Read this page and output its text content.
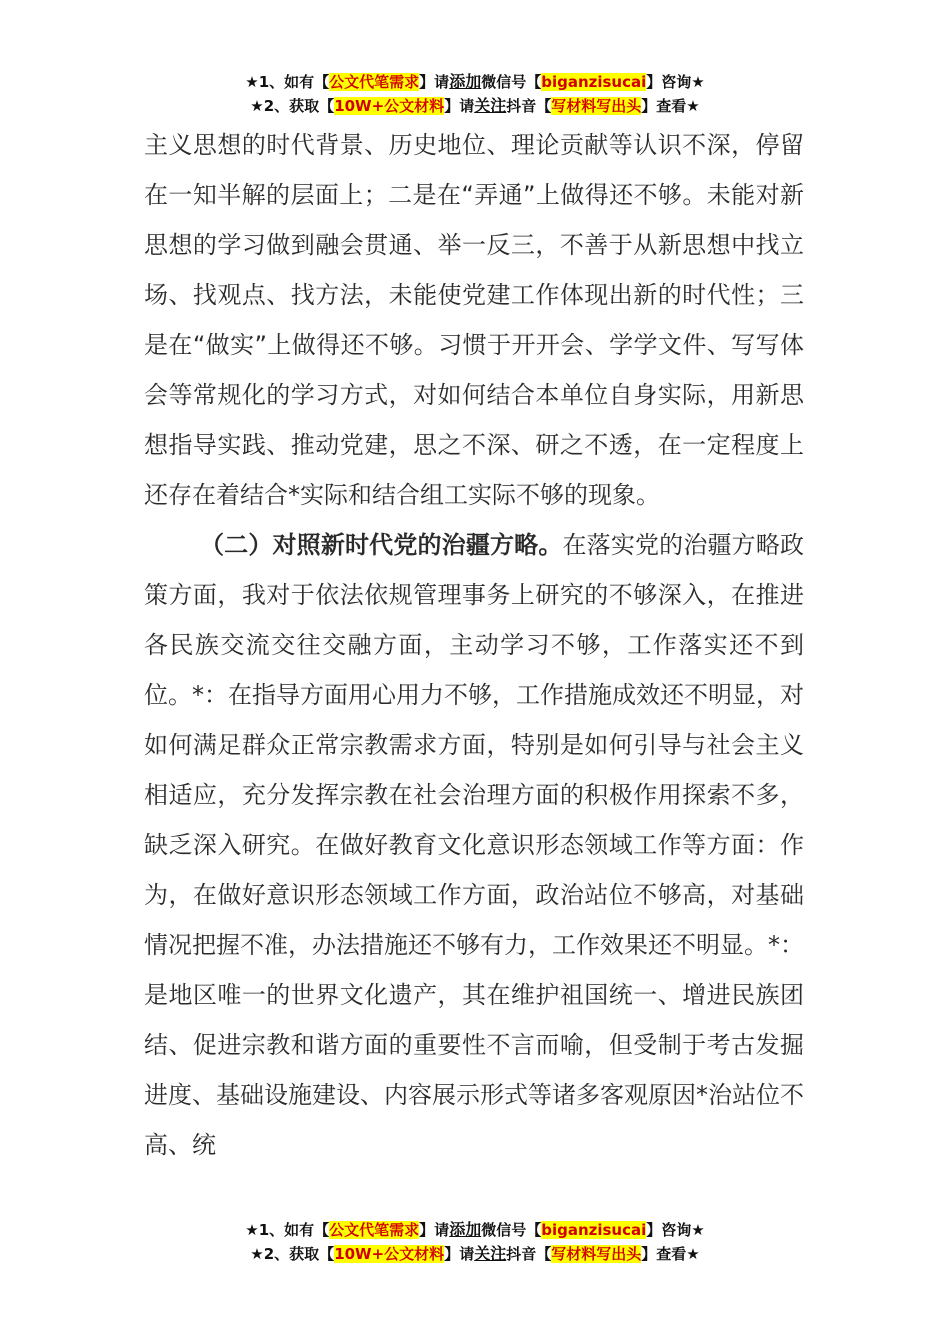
★1、如有【公文代笔需求】请添加微信号【biganzisucai】咨询★
★2、获取【10W+公文材料】请关注抖音【写材料写出头】查看★

主义思想的时代背景、历史地位、理论贡献等认识不深，停留在一知半解的层面上；二是在“弄通”上做得还不够。未能对新思想的学习做到融会贯通、举一反三，不善于从新思想中找立场、找观点、找方法，未能使党建工作体现出新的时代性；三是在“做实”上做得还不够。习惯于开开会、学学文件、写写体会等常规化的学习方式，对如何结合本单位自身实际，用新思想指导实践、推动党建，思之不深、研之不透，在一定程度上还存在着结合*实际和结合组工实际不够的现象。

（二）对照新时代党的治疆方略。在落实党的治疆方略政策方面，我对于依法依规管理事务上研究的不够深入，在推进各民族交流交往交融方面，主动学习不够，工作落实还不到位。*：在指导方面用心用力不够，工作措施成效还不明显，对如何满足群众正常宗教需求方面，特别是如何引导与社会主义相适应，充分发挥宗教在社会治理方面的积极作用探索不多，缺乏深入研究。在做好教育文化意识形态领域工作等方面：作为，在做好意识形态领域工作方面，政治站位不够高，对基础情况把握不准，办法措施还不够有力，工作效果还不明显。*：是地区唯一的世界文化遗产，其在维护祖国统一、增进民族团结、促进宗教和谐方面的重要性不言而喻，但受制于考古发掘进度、基础设施建设、内容展示形式等诸多客观原因*治站位不高、统

★1、如有【公文代笔需求】请添加微信号【biganzisucai】咨询★
★2、获取【10W+公文材料】请关注抖音【写材料写出头】查看★
